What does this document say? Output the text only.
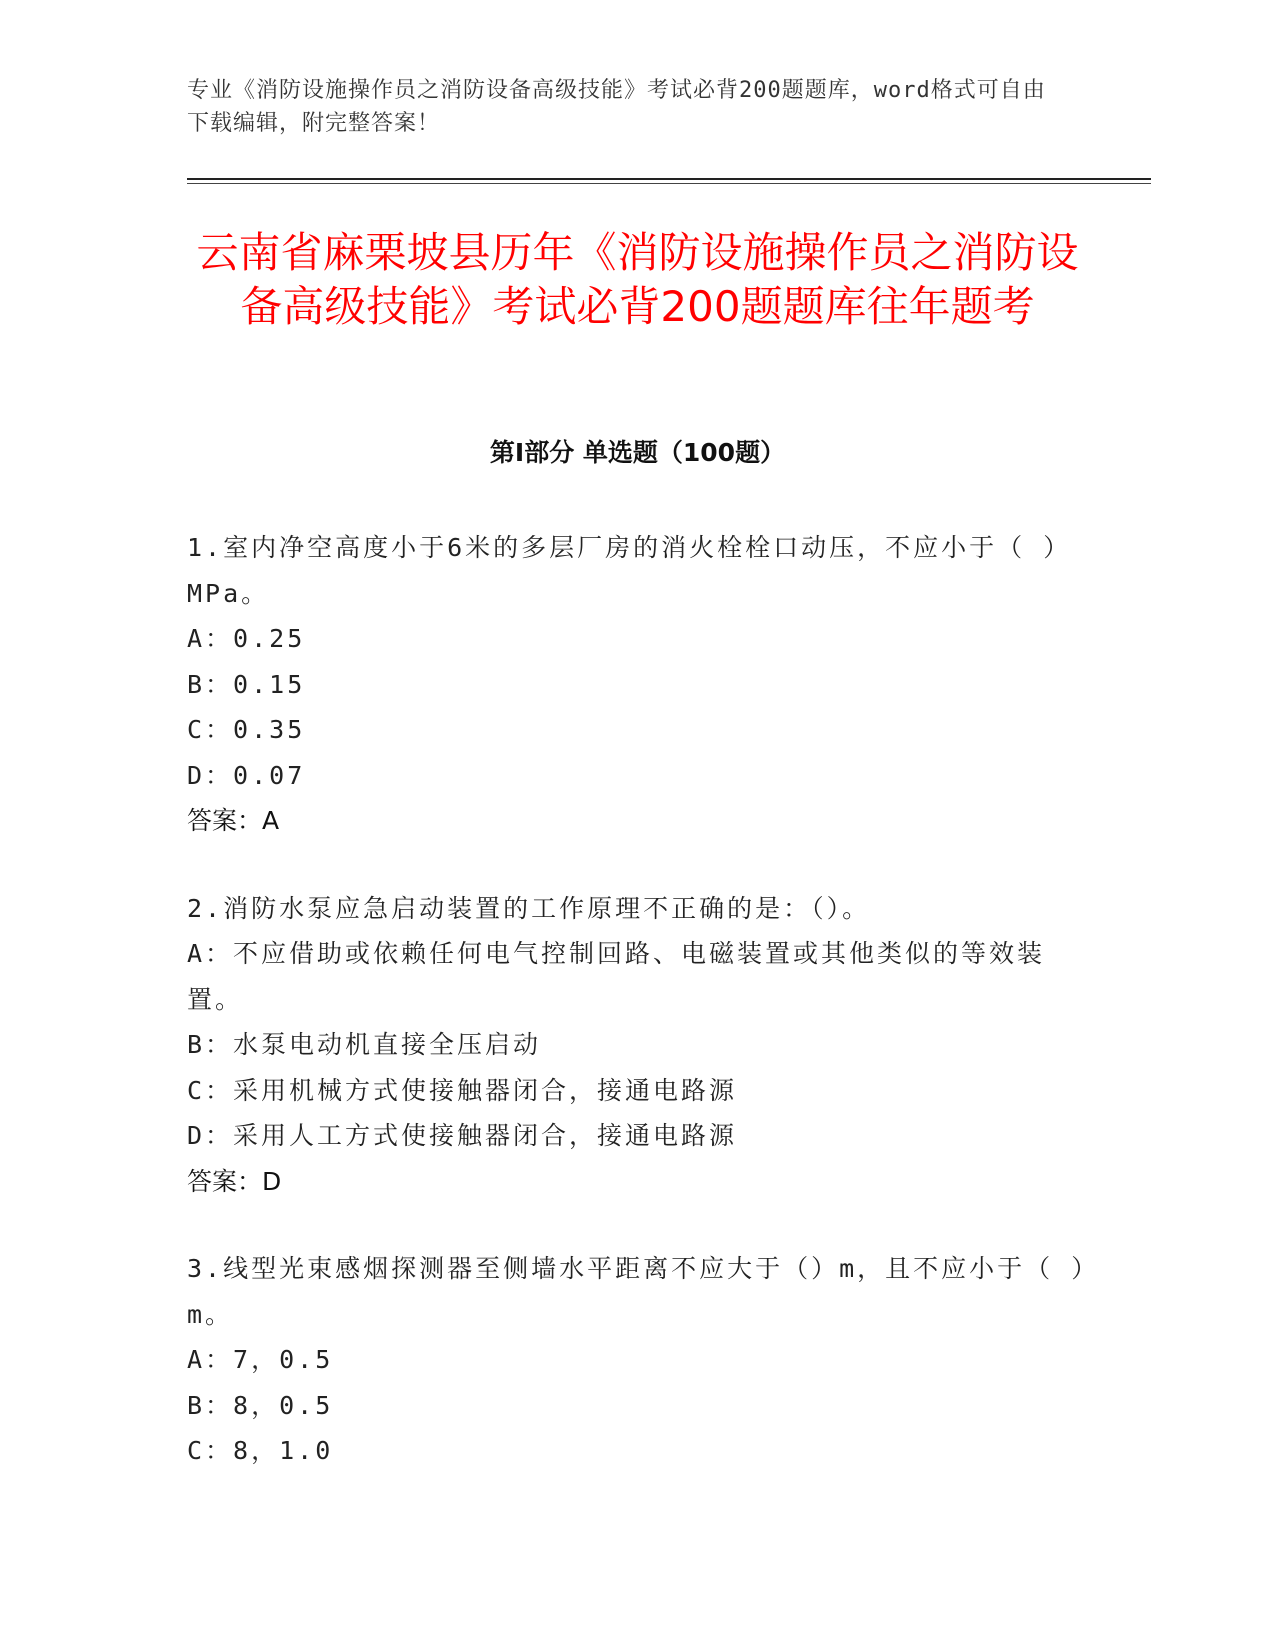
专业《消防设施操作员之消防设备高级技能》考试必背200题题库，word格式可自由下载编辑，附完整答案！
云南省麻栗坡县历年《消防设施操作员之消防设备高级技能》考试必背200题题库往年题考
第Ⅰ部分 单选题（100题）

1.室内净空高度小于6米的多层厂房的消火栓栓口动压，不应小于（ ）MPa。

A：0.25

B：0.15

C：0.35

D：0.07

答案：A

2.消防水泵应急启动装置的工作原理不正确的是：（）。

A：不应借助或依赖任何电气控制回路、电磁装置或其他类似的等效装置。

B：水泵电动机直接全压启动

C：采用机械方式使接触器闭合，接通电路源

D：采用人工方式使接触器闭合，接通电路源

答案：D

3.线型光束感烟探测器至侧墙水平距离不应大于（）m，且不应小于（ ）m。

A：7，0.5

B：8，0.5

C：8，1.0
